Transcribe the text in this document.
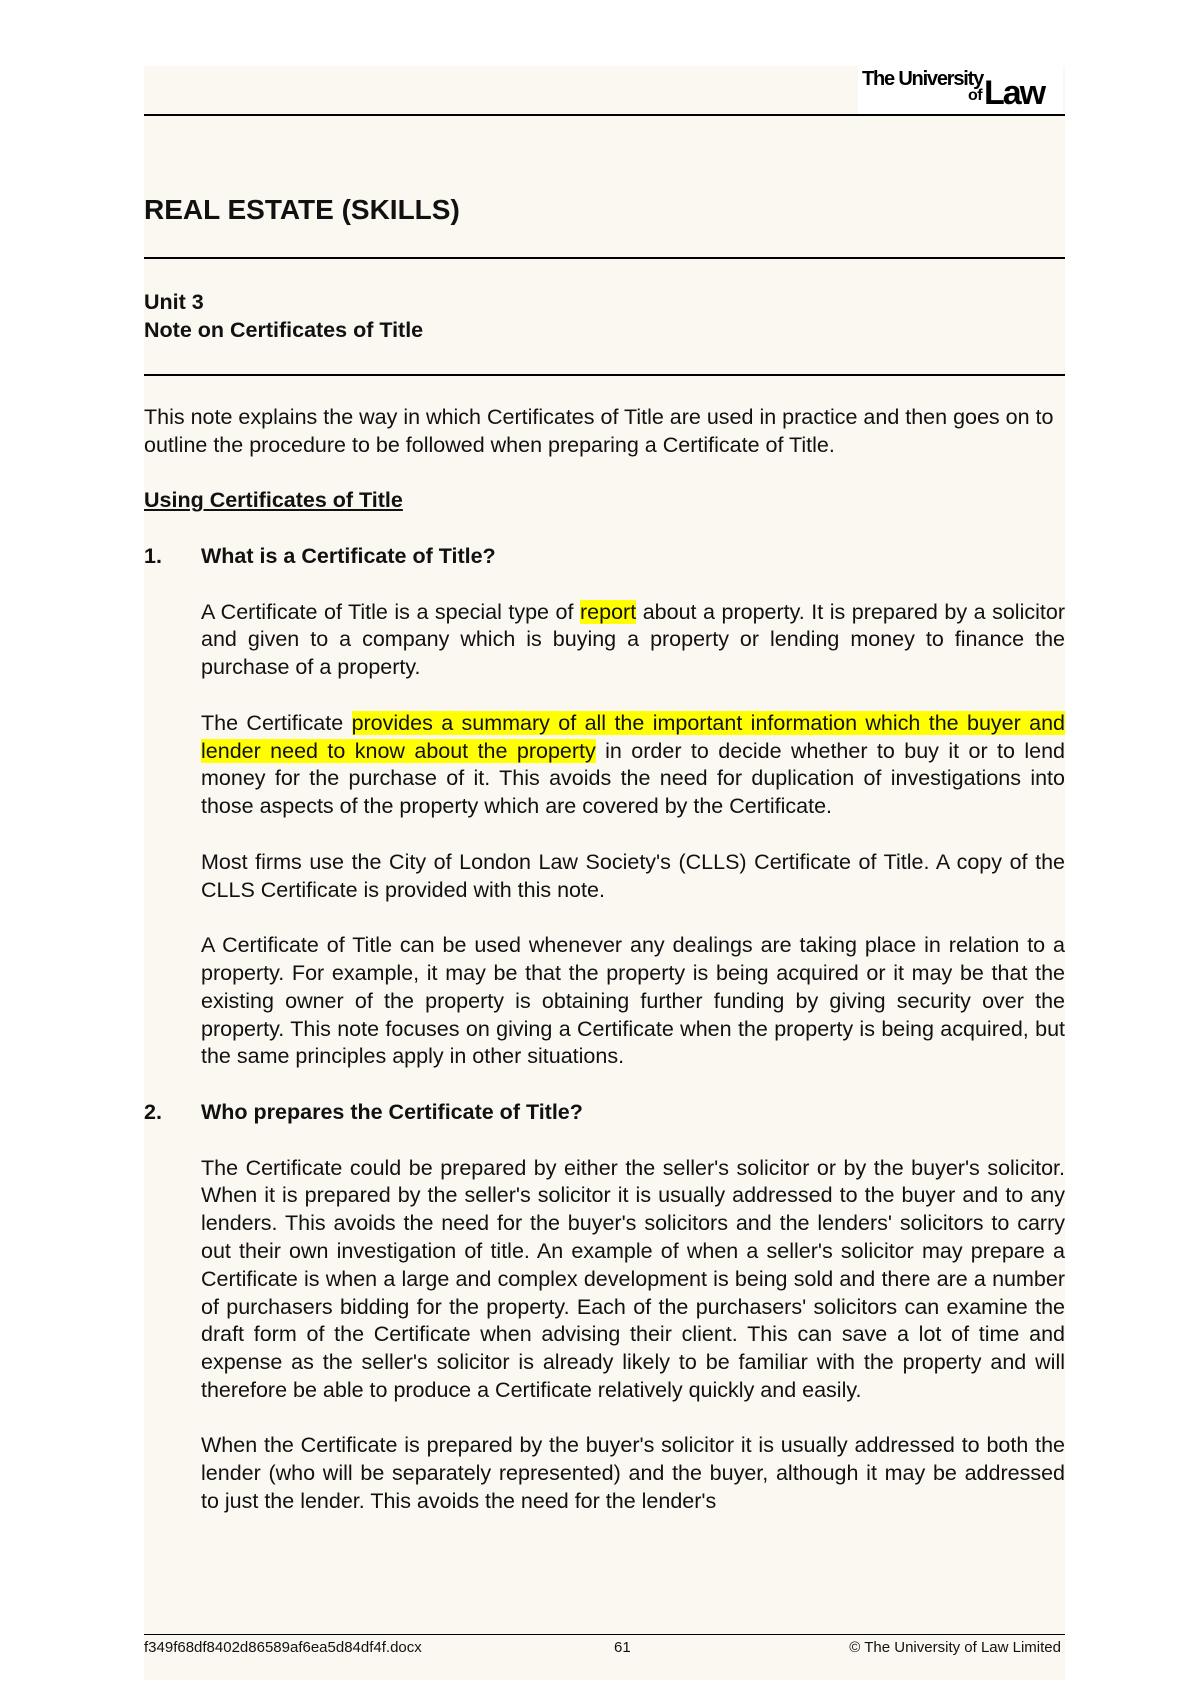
The University
of Law
REAL ESTATE (SKILLS)
Unit 3
Note on Certificates of Title

This note explains the way in which Certificates of Title are used in practice and then goes on to outline the procedure to be followed when preparing a Certificate of Title.

Using Certificates of Title
1. What is a Certificate of Title?

A Certificate of Title is a special type of report about a property. It is prepared by a solicitor and given to a company which is buying a property or lending money to finance the purchase of a property.

The Certificate provides a summary of all the important information which the buyer and lender need to know about the property in order to decide whether to buy it or to lend money for the purchase of it. This avoids the need for duplication of investigations into those aspects of the property which are covered by the Certificate.

Most firms use the City of London Law Society's (CLLS) Certificate of Title. A copy of the CLLS Certificate is provided with this note.

A Certificate of Title can be used whenever any dealings are taking place in relation to a property. For example, it may be that the property is being acquired or it may be that the existing owner of the property is obtaining further funding by giving security over the property. This note focuses on giving a Certificate when the property is being acquired, but the same principles apply in other situations.

2. Who prepares the Certificate of Title?

The Certificate could be prepared by either the seller's solicitor or by the buyer's solicitor. When it is prepared by the seller's solicitor it is usually addressed to the buyer and to any lenders. This avoids the need for the buyer's solicitors and the lenders' solicitors to carry out their own investigation of title. An example of when a seller's solicitor may prepare a Certificate is when a large and complex development is being sold and there are a number of purchasers bidding for the property. Each of the purchasers' solicitors can examine the draft form of the Certificate when advising their client. This can save a lot of time and expense as the seller's solicitor is already likely to be familiar with the property and will therefore be able to produce a Certificate relatively quickly and easily.

When the Certificate is prepared by the buyer's solicitor it is usually addressed to both the lender (who will be separately represented) and the buyer, although it may be addressed to just the lender. This avoids the need for the lender's

f349f68df8402d86589af6ea5d84df4f.docx	61	© The University of Law Limited
